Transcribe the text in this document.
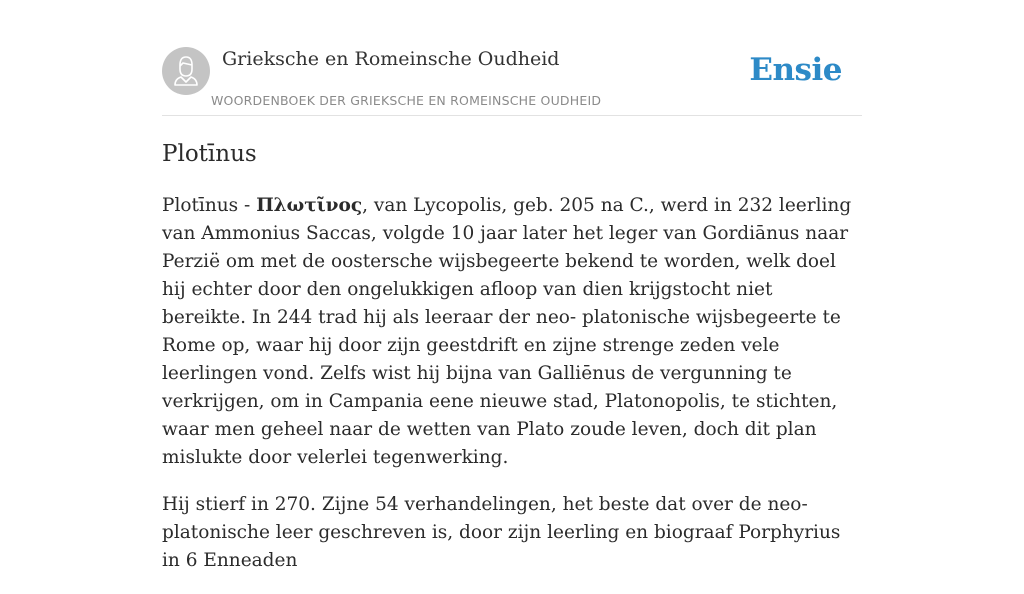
Grieksche en Romeinsche Oudheid
WOORDENBOEK DER GRIEKSCHE EN ROMEINSCHE OUDHEID
Ensie
Plotīnus

Plotīnus - Πλωτῖνος, van Lycopolis, geb. 205 na C., werd in 232 leerling van Ammonius Saccas, volgde 10 jaar later het leger van Gordiānus naar Perzië om met de oostersche wijsbegeerte bekend te worden, welk doel hij echter door den ongelukkigen afloop van dien krijgstocht niet bereikte. In 244 trad hij als leeraar der neo- platonische wijsbegeerte te Rome op, waar hij door zijn geestdrift en zijne strenge zeden vele leerlingen vond. Zelfs wist hij bijna van Galliēnus de vergunning te verkrijgen, om in Campania eene nieuwe stad, Platonopolis, te stichten, waar men geheel naar de wetten van Plato zoude leven, doch dit plan mislukte door velerlei tegenwerking.

Hij stierf in 270. Zijne 54 verhandelingen, het beste dat over de neo-platonische leer geschreven is, door zijn leerling en biograaf Porphyrius in 6 Enneaden
